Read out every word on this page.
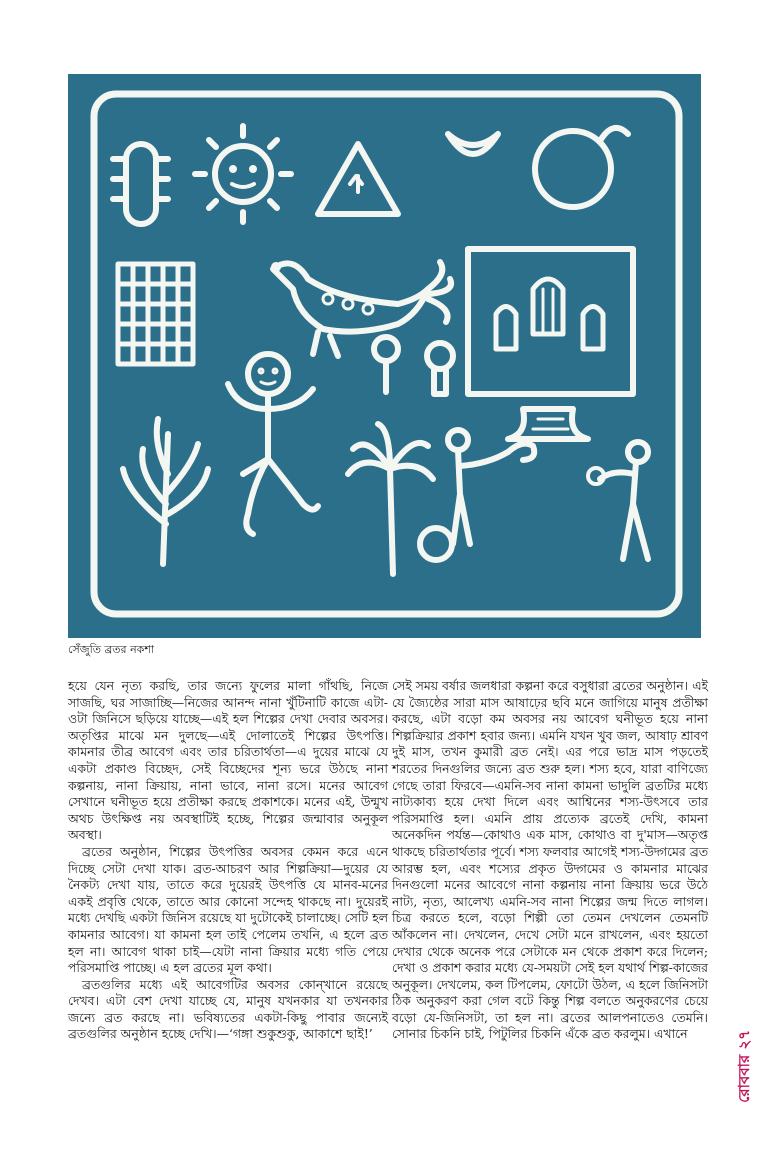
সেঁজুতি ব্রতর নকশা

হয়ে যেন নৃত্য করছি, তার জন্যে ফুলের মালা গাঁথছি, নিজে সাজছি, ঘর সাজাচ্ছি—নিজের আনন্দ নানা খুঁটিনাটি কাজে এটা-ওটা জিনিসে ছড়িয়ে যাচ্ছে—এই হল শিল্পের দেখা দেবার অবসর। অতৃপ্তির মাঝে মন দুলছে—এই দোলাতেই শিল্পের উৎপত্তি। কামনার তীব্র আবেগ এবং তার চরিতার্থতা—এ দুয়ের মাঝে যে একটা প্রকাণ্ড বিচ্ছেদ, সেই বিচ্ছেদের শূন্য ভরে উঠছে নানা কল্পনায়, নানা ক্রিয়ায়, নানা ভাবে, নানা রসে। মনের আবেগ সেখানে ঘনীভূত হয়ে প্রতীক্ষা করছে প্রকাশকে। মনের এই, উন্মুখ অথচ উৎক্ষিপ্ত নয় অবস্থাটিই হচ্ছে, শিল্পের জন্মাবার অনুকূল অবস্থা।

ব্রতের অনুষ্ঠান, শিল্পের উৎপত্তির অবসর কেমন করে এনে দিচ্ছে সেটা দেখা যাক। ব্রত-আচরণ আর শিল্পক্রিয়া—দুয়ের যে নৈকট্য দেখা যায়, তাতে করে দুয়েরই উৎপত্তি যে মানব-মনের একই প্রবৃত্তি থেকে, তাতে আর কোনো সন্দেহ থাকছে না। দুয়েরই মধ্যে দেখছি একটা জিনিস রয়েছে যা দুটোকেই চালাচ্ছে। সেটি হল কামনার আবেগ। যা কামনা হল তাই পেলেম তখনি, এ হলে ব্রত হল না। আবেগ থাকা চাই—যেটা নানা ক্রিয়ার মধ্যে গতি পেয়ে পরিসমাপ্তি পাচ্ছে। এ হল ব্রতের মূল কথা।

ব্রতগুলির মধ্যে এই আবেগটির অবসর কোন্‌খানে রয়েছে দেখব। এটা বেশ দেখা যাচ্ছে যে, মানুষ যখনকার যা তখনকার জন্যে ব্রত করছে না। ভবিষ্যতের একটা-কিছু পাবার জন্যেই ব্রতগুলির অনুষ্ঠান হচ্ছে দেখি।—‘গঙ্গা শুকুশুকু, আকাশে ছাই!’

সেই সময় বর্ষার জলধারা কল্পনা করে বসুধারা ব্রতের অনুষ্ঠান। এই যে জ্যৈষ্ঠের সারা মাস আষাঢ়ের ছবি মনে জাগিয়ে মানুষ প্রতীক্ষা করছে, এটা বড়ো কম অবসর নয় আবেগ ঘনীভূত হয়ে নানা শিল্পক্রিয়ার প্রকাশ হবার জন্য। এমনি যখন খুব জল, আষাঢ় শ্রাবণ দুই মাস, তখন কুমারী ব্রত নেই। এর পরে ভাদ্র মাস পড়তেই শরতের দিনগুলির জন্যে ব্রত শুরু হল। শস্য হবে, যারা বাণিজ্যে গেছে তারা ফিরবে—এমনি-সব নানা কামনা ভাদুলি ব্রতটির মধ্যে নাট্যকাব্য হয়ে দেখা দিলে এবং আশ্বিনের শস্য-উৎসবে তার পরিসমাপ্তি হল। এমনি প্রায় প্রত্যেক ব্রতেই দেখি, কামনা অনেকদিন পর্যন্ত—কোথাও এক মাস, কোথাও বা দু'মাস—অতৃপ্ত থাকছে চরিতার্থতার পূর্বে। শস্য ফলবার আগেই শস্য-উদ্গমের ব্রত আরম্ভ হল, এবং শস্যের প্রকৃত উদ্গমের ও কামনার মাঝের দিনগুলো মনের আবেগে নানা কল্পনায় নানা ক্রিয়ায় ভরে উঠে নাট্য, নৃত্য, আলেখ্য এমনি-সব নানা শিল্পের জন্ম দিতে লাগল। চিত্র করতে হলে, বড়ো শিল্পী তো তেমন দেখলেন তেমনটি আঁকলেন না। দেখলেন, দেখে সেটা মনে রাখলেন, এবং হয়তো দেখার থেকে অনেক পরে সেটাকে মন থেকে প্রকাশ করে দিলেন; দেখা ও প্রকাশ করার মধ্যে যে-সময়টা সেই হল যথার্থ শিল্প-কাজের অনুকূল। দেখলেম, কল টিপলেম, ফোটো উঠল, এ হলে জিনিসটা ঠিক অনুকরণ করা গেল বটে কিন্তু শিল্প বলতে অনুকরণের চেয়ে বড়ো যে-জিনিসটা, তা হল না। ব্রতের আলপনাতেও তেমনি। সোনার চিকনি চাই, পিটুলির চিকনি এঁকে ব্রত করলুম। এখানে	রোববার ২৭
